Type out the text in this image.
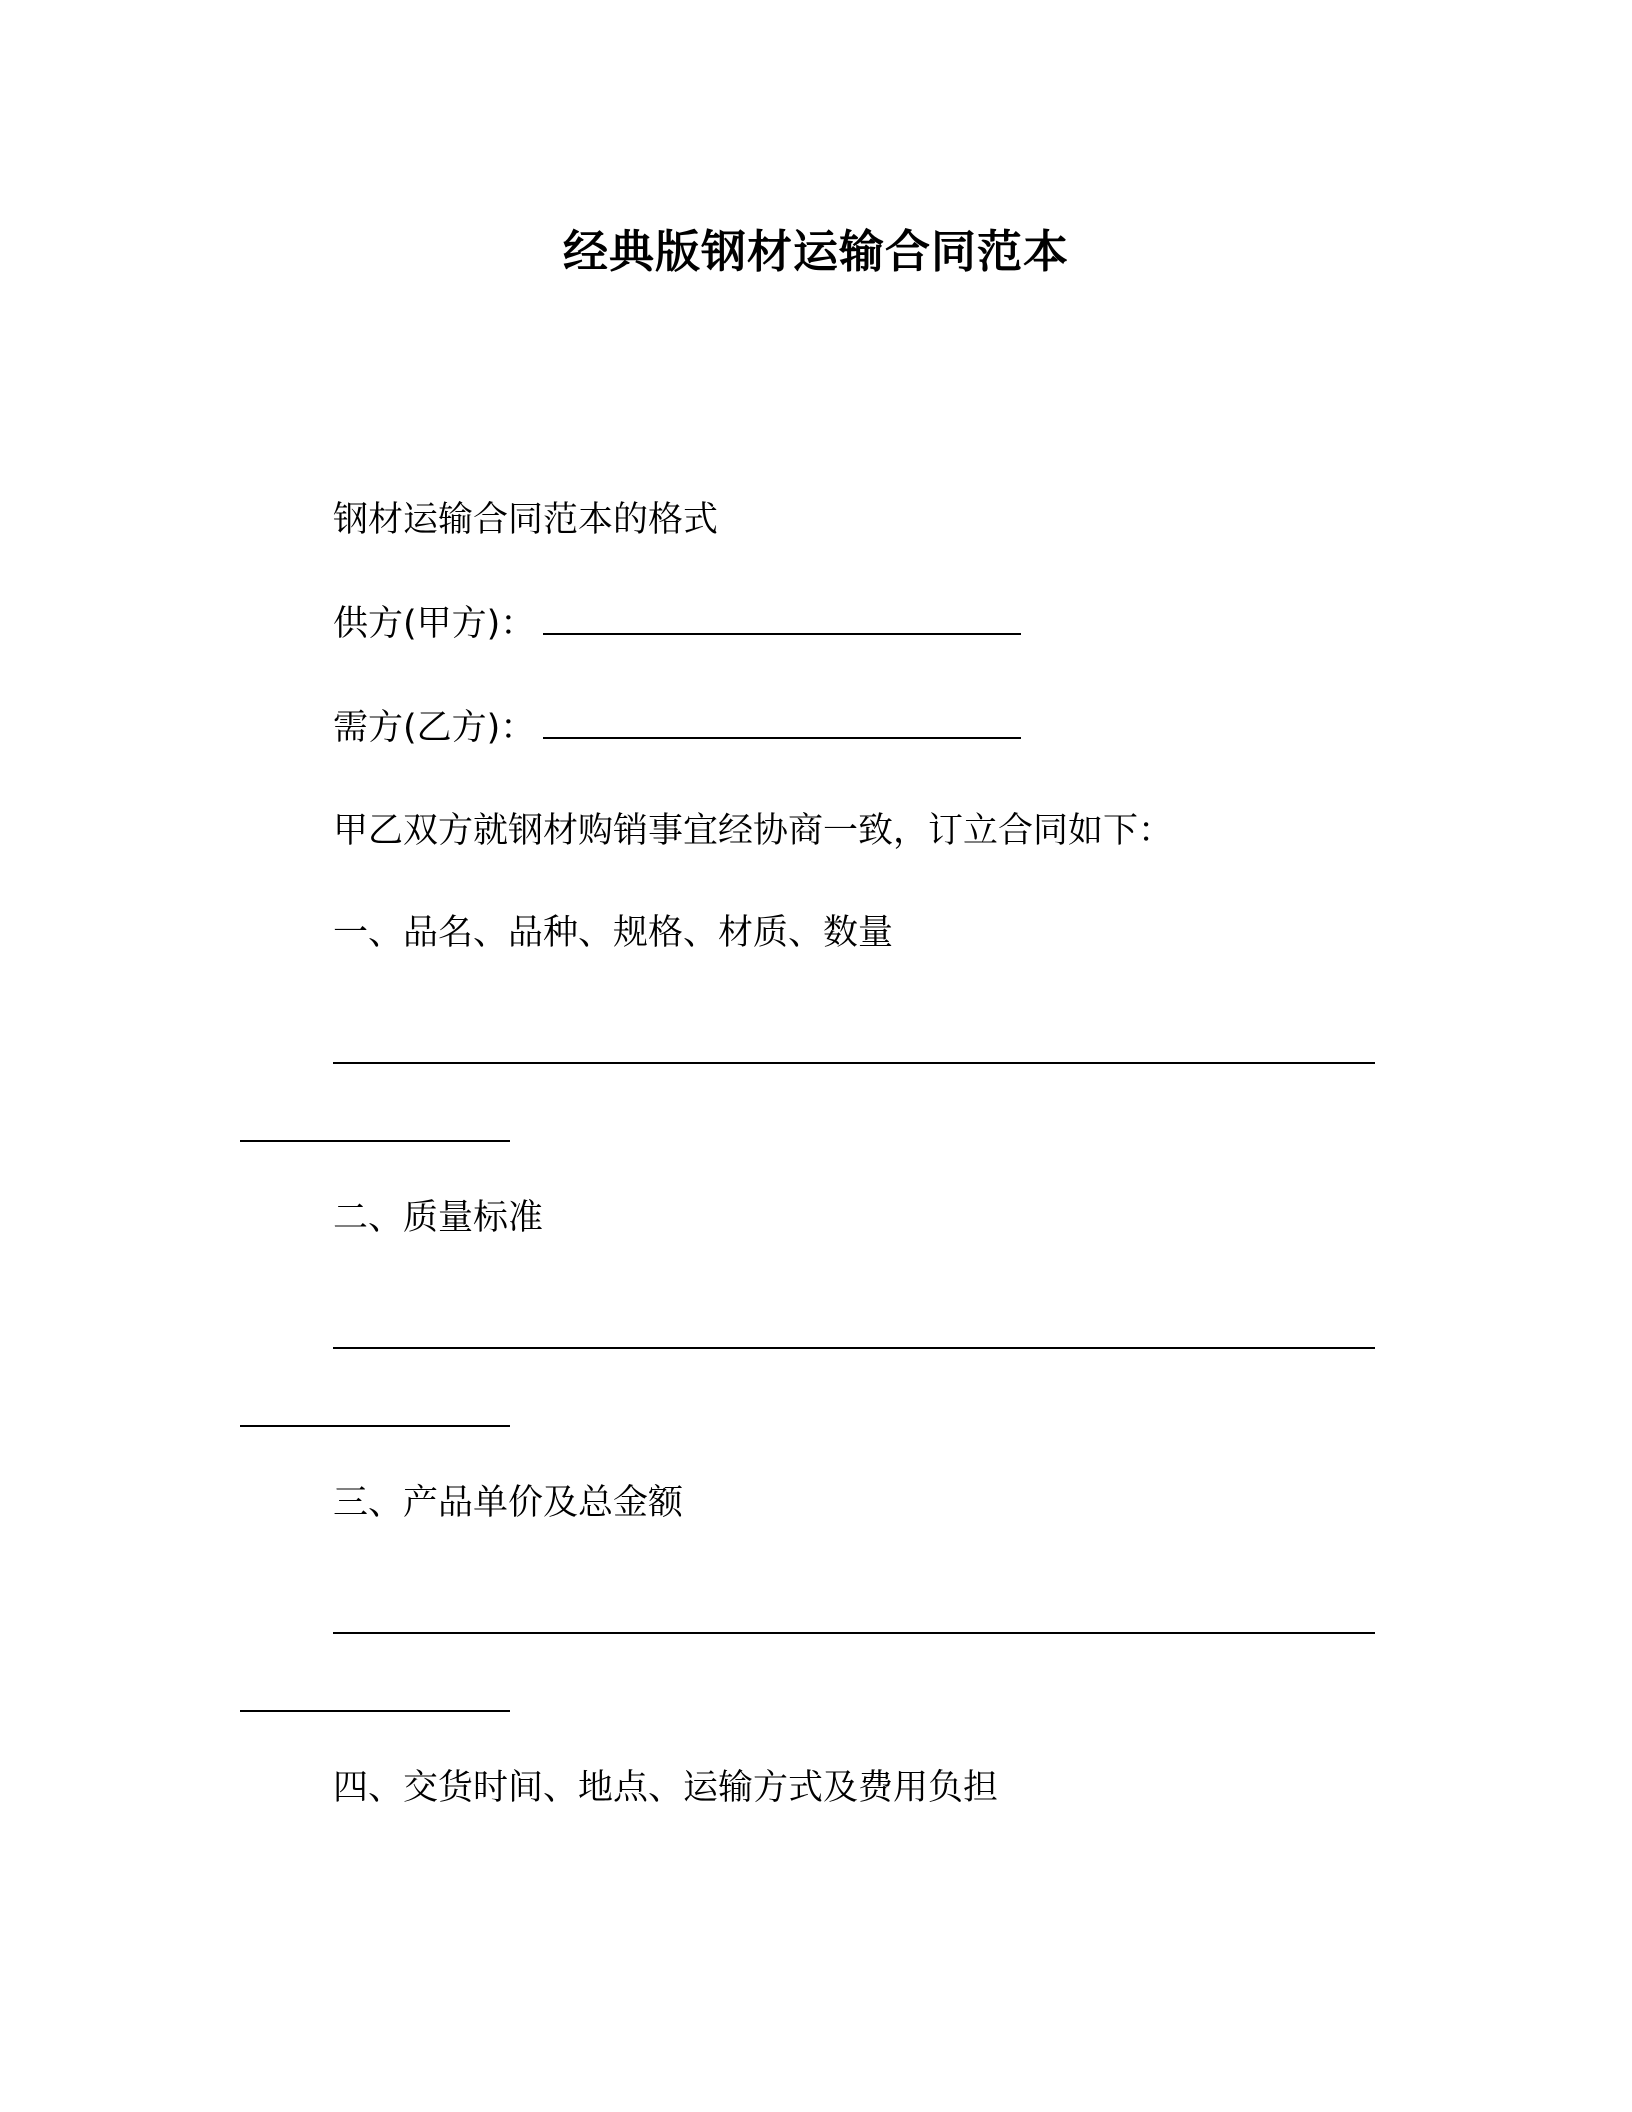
经典版钢材运输合同范本
钢材运输合同范本的格式
供方(甲方)：
需方(乙方)：
甲乙双方就钢材购销事宜经协商一致，订立合同如下：
一、品名、品种、规格、材质、数量
二、质量标准
三、产品单价及总金额
四、交货时间、地点、运输方式及费用负担
